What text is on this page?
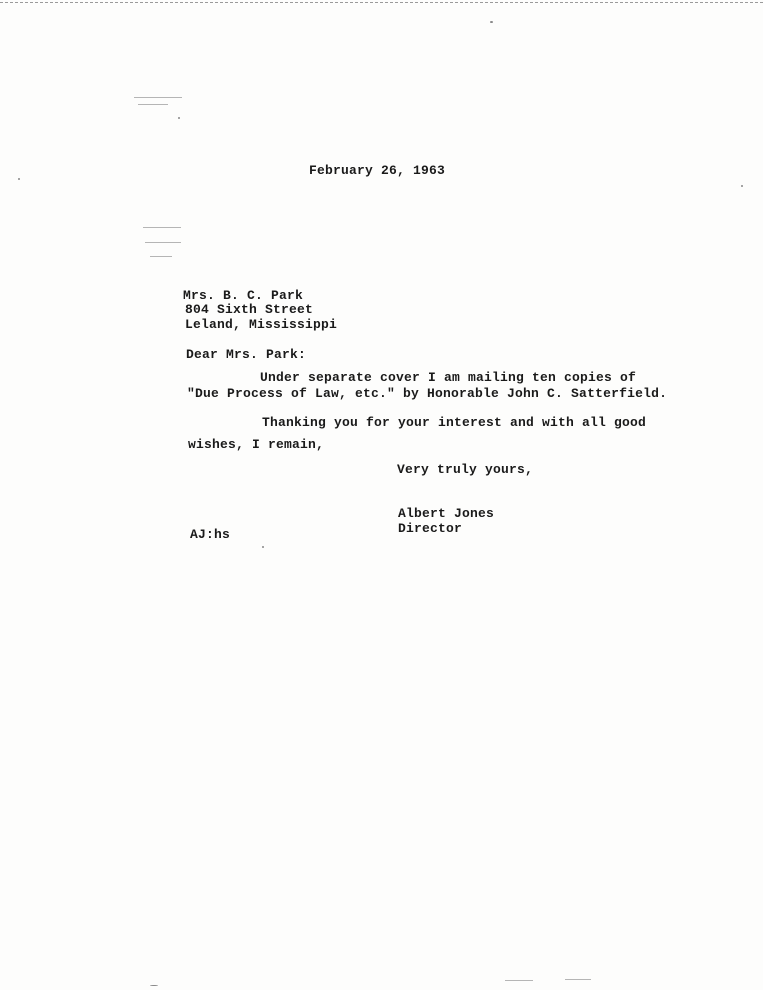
February 26, 1963
Mrs. B. C. Park
804 Sixth Street
Leland, Mississippi
Dear Mrs. Park:
Under separate cover I am mailing ten copies of
"Due Process of Law, etc." by Honorable John C. Satterfield.
Thanking you for your interest and with all good
wishes, I remain,
Very truly yours,
Albert Jones
Director
AJ:hs
